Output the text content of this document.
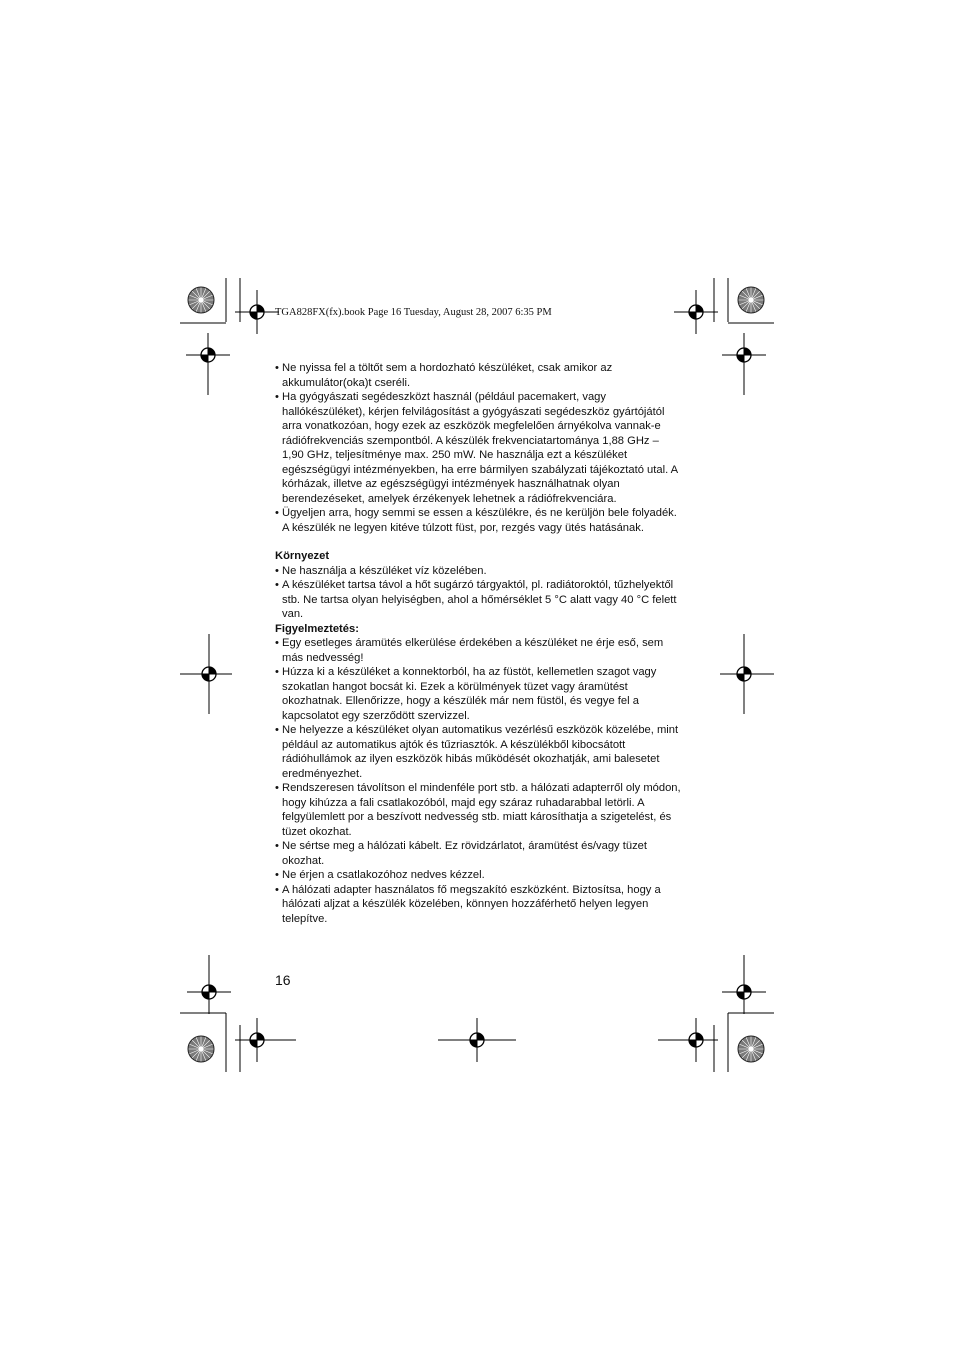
TGA828FX(fx).book Page 16 Tuesday, August 28, 2007 6:35 PM
• Ne nyissa fel a töltőt sem a hordozható készüléket, csak amikor az akkumulátor(oka)t cseréli.
• Ha gyógyászati segédeszközt használ (például pacemakert, vagy hallókészüléket), kérjen felvilágosítást a gyógyászati segédeszköz gyártójától arra vonatkozóan, hogy ezek az eszközök megfelelően árnyékolva vannak-e rádiófrekvenciás szempontból. A készülék frekvenciatartománya 1,88 GHz – 1,90 GHz, teljesítménye max. 250 mW. Ne használja ezt a készüléket egészségügyi intézményekben, ha erre bármilyen szabályzati tájékoztató utal. A kórházak, illetve az egészségügyi intézmények használhatnak olyan berendezéseket, amelyek érzékenyek lehetnek a rádiófrekvenciára.
• Ügyeljen arra, hogy semmi se essen a készülékre, és ne kerüljön bele folyadék. A készülék ne legyen kitéve túlzott füst, por, rezgés vagy ütés hatásának.

Környezet

• Ne használja a készüléket víz közelében.
• A készüléket tartsa távol a hőt sugárzó tárgyaktól, pl. radiátoroktól, tűzhelyektől stb. Ne tartsa olyan helyiségben, ahol a hőmérséklet 5 °C alatt vagy 40 °C felett van.

Figyelmeztetés:

• Egy esetleges áramütés elkerülése érdekében a készüléket ne érje eső, sem más nedvesség!
• Húzza ki a készüléket a konnektorból, ha az füstöt, kellemetlen szagot vagy szokatlan hangot bocsát ki. Ezek a körülmények tüzet vagy áramütést okozhatnak. Ellenőrizze, hogy a készülék már nem füstöl, és vegye fel a kapcsolatot egy szerződött szervizzel.
• Ne helyezze a készüléket olyan automatikus vezérlésű eszközök közelébe, mint például az automatikus ajtók és tűzriasztók. A készülékből kibocsátott rádióhullámok az ilyen eszközök hibás működését okozhatják, ami balesetet eredményezhet.
• Rendszeresen távolítson el mindenféle port stb. a hálózati adapterről oly módon, hogy kihúzza a fali csatlakozóból, majd egy száraz ruhadarabbal letörli. A felgyülemlett por a beszívott nedvesség stb. miatt károsíthatja a szigetelést, és tüzet okozhat.
• Ne sértse meg a hálózati kábelt. Ez rövidzárlatot, áramütést és/vagy tüzet okozhat.
• Ne érjen a csatlakozóhoz nedves kézzel.
• A hálózati adapter használatos fő megszakító eszközként. Biztosítsa, hogy a hálózati aljzat a készülék közelében, könnyen hozzáférhető helyen legyen telepítve.
16
